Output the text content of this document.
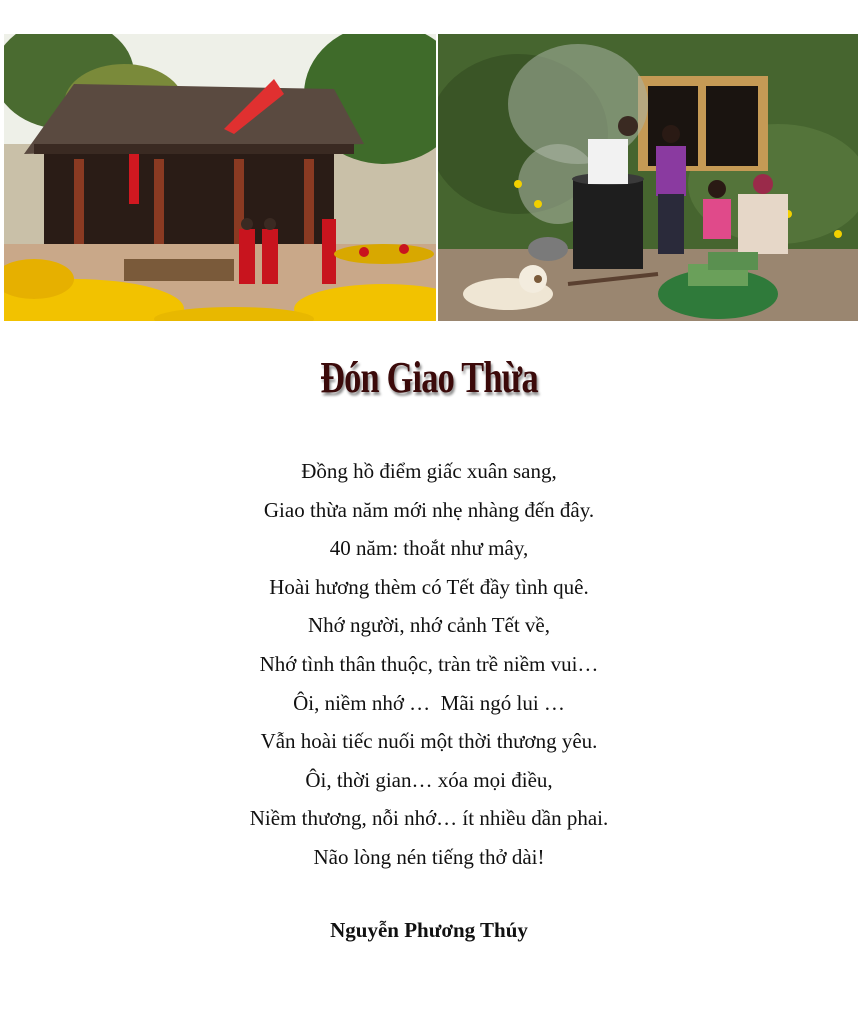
Đón Giao Thừa
Đồng hồ điểm giấc xuân sang,
Giao thừa năm mới nhẹ nhàng đến đây.
40 năm: thoắt như mây,
Hoài hương thèm có Tết đầy tình quê.
Nhớ người, nhớ cảnh Tết về,
Nhớ tình thân thuộc, tràn trề niềm vui…
Ôi, niềm nhớ …  Mãi ngó lui …
Vẫn hoài tiếc nuối một thời thương yêu.
Ôi, thời gian… xóa mọi điều,
Niềm thương, nỗi nhớ… ít nhiều dần phai.
Não lòng nén tiếng thở dài!
Nguyễn Phương Thúy
